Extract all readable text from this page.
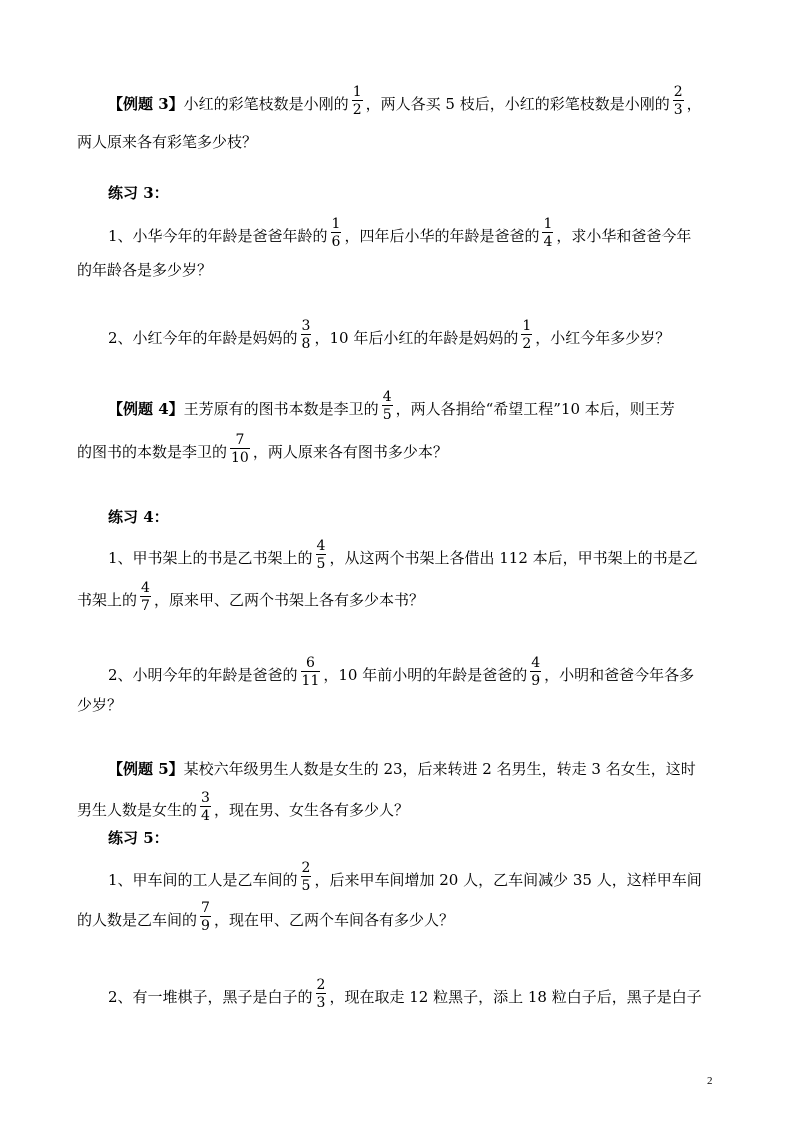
【例题 3】小红的彩笔枝数是小刚的 $\frac{1}{2}$ ，两人各买 5 枝后，小红的彩笔枝数是小刚的 $\frac{2}{3}$ ，
两人原来各有彩笔多少枝？
练习 3：
1、小华今年的年龄是爸爸年龄的 $\frac{1}{6}$ ，四年后小华的年龄是爸爸的 $\frac{1}{4}$ ，求小华和爸爸今年
的年龄各是多少岁？
2、小红今年的年龄是妈妈的 $\frac{3}{8}$ ，10 年后小红的年龄是妈妈的 $\frac{1}{2}$ ，小红今年多少岁？
【例题 4】王芳原有的图书本数是李卫的 $\frac{4}{5}$ ，两人各捐给“希望工程”10 本后，则王芳
的图书的本数是李卫的 $\frac{7}{10}$ ，两人原来各有图书多少本？
练习 4：
1、甲书架上的书是乙书架上的 $\frac{4}{5}$ ，从这两个书架上各借出 112 本后，甲书架上的书是乙
书架上的 $\frac{4}{7}$ ，原来甲、乙两个书架上各有多少本书？
2、小明今年的年龄是爸爸的 $\frac{6}{11}$ ，10 年前小明的年龄是爸爸的 $\frac{4}{9}$ ，小明和爸爸今年各多
少岁？
【例题 5】某校六年级男生人数是女生的 23，后来转进 2 名男生，转走 3 名女生，这时
男生人数是女生的 $\frac{3}{4}$ ，现在男、女生各有多少人？
练习 5：
1、甲车间的工人是乙车间的 $\frac{2}{5}$ ，后来甲车间增加 20 人，乙车间减少 35 人，这样甲车间
的人数是乙车间的 $\frac{7}{9}$ ，现在甲、乙两个车间各有多少人？
2、有一堆棋子，黑子是白子的 $\frac{2}{3}$ ，现在取走 12 粒黑子，添上 18 粒白子后，黑子是白子
2
